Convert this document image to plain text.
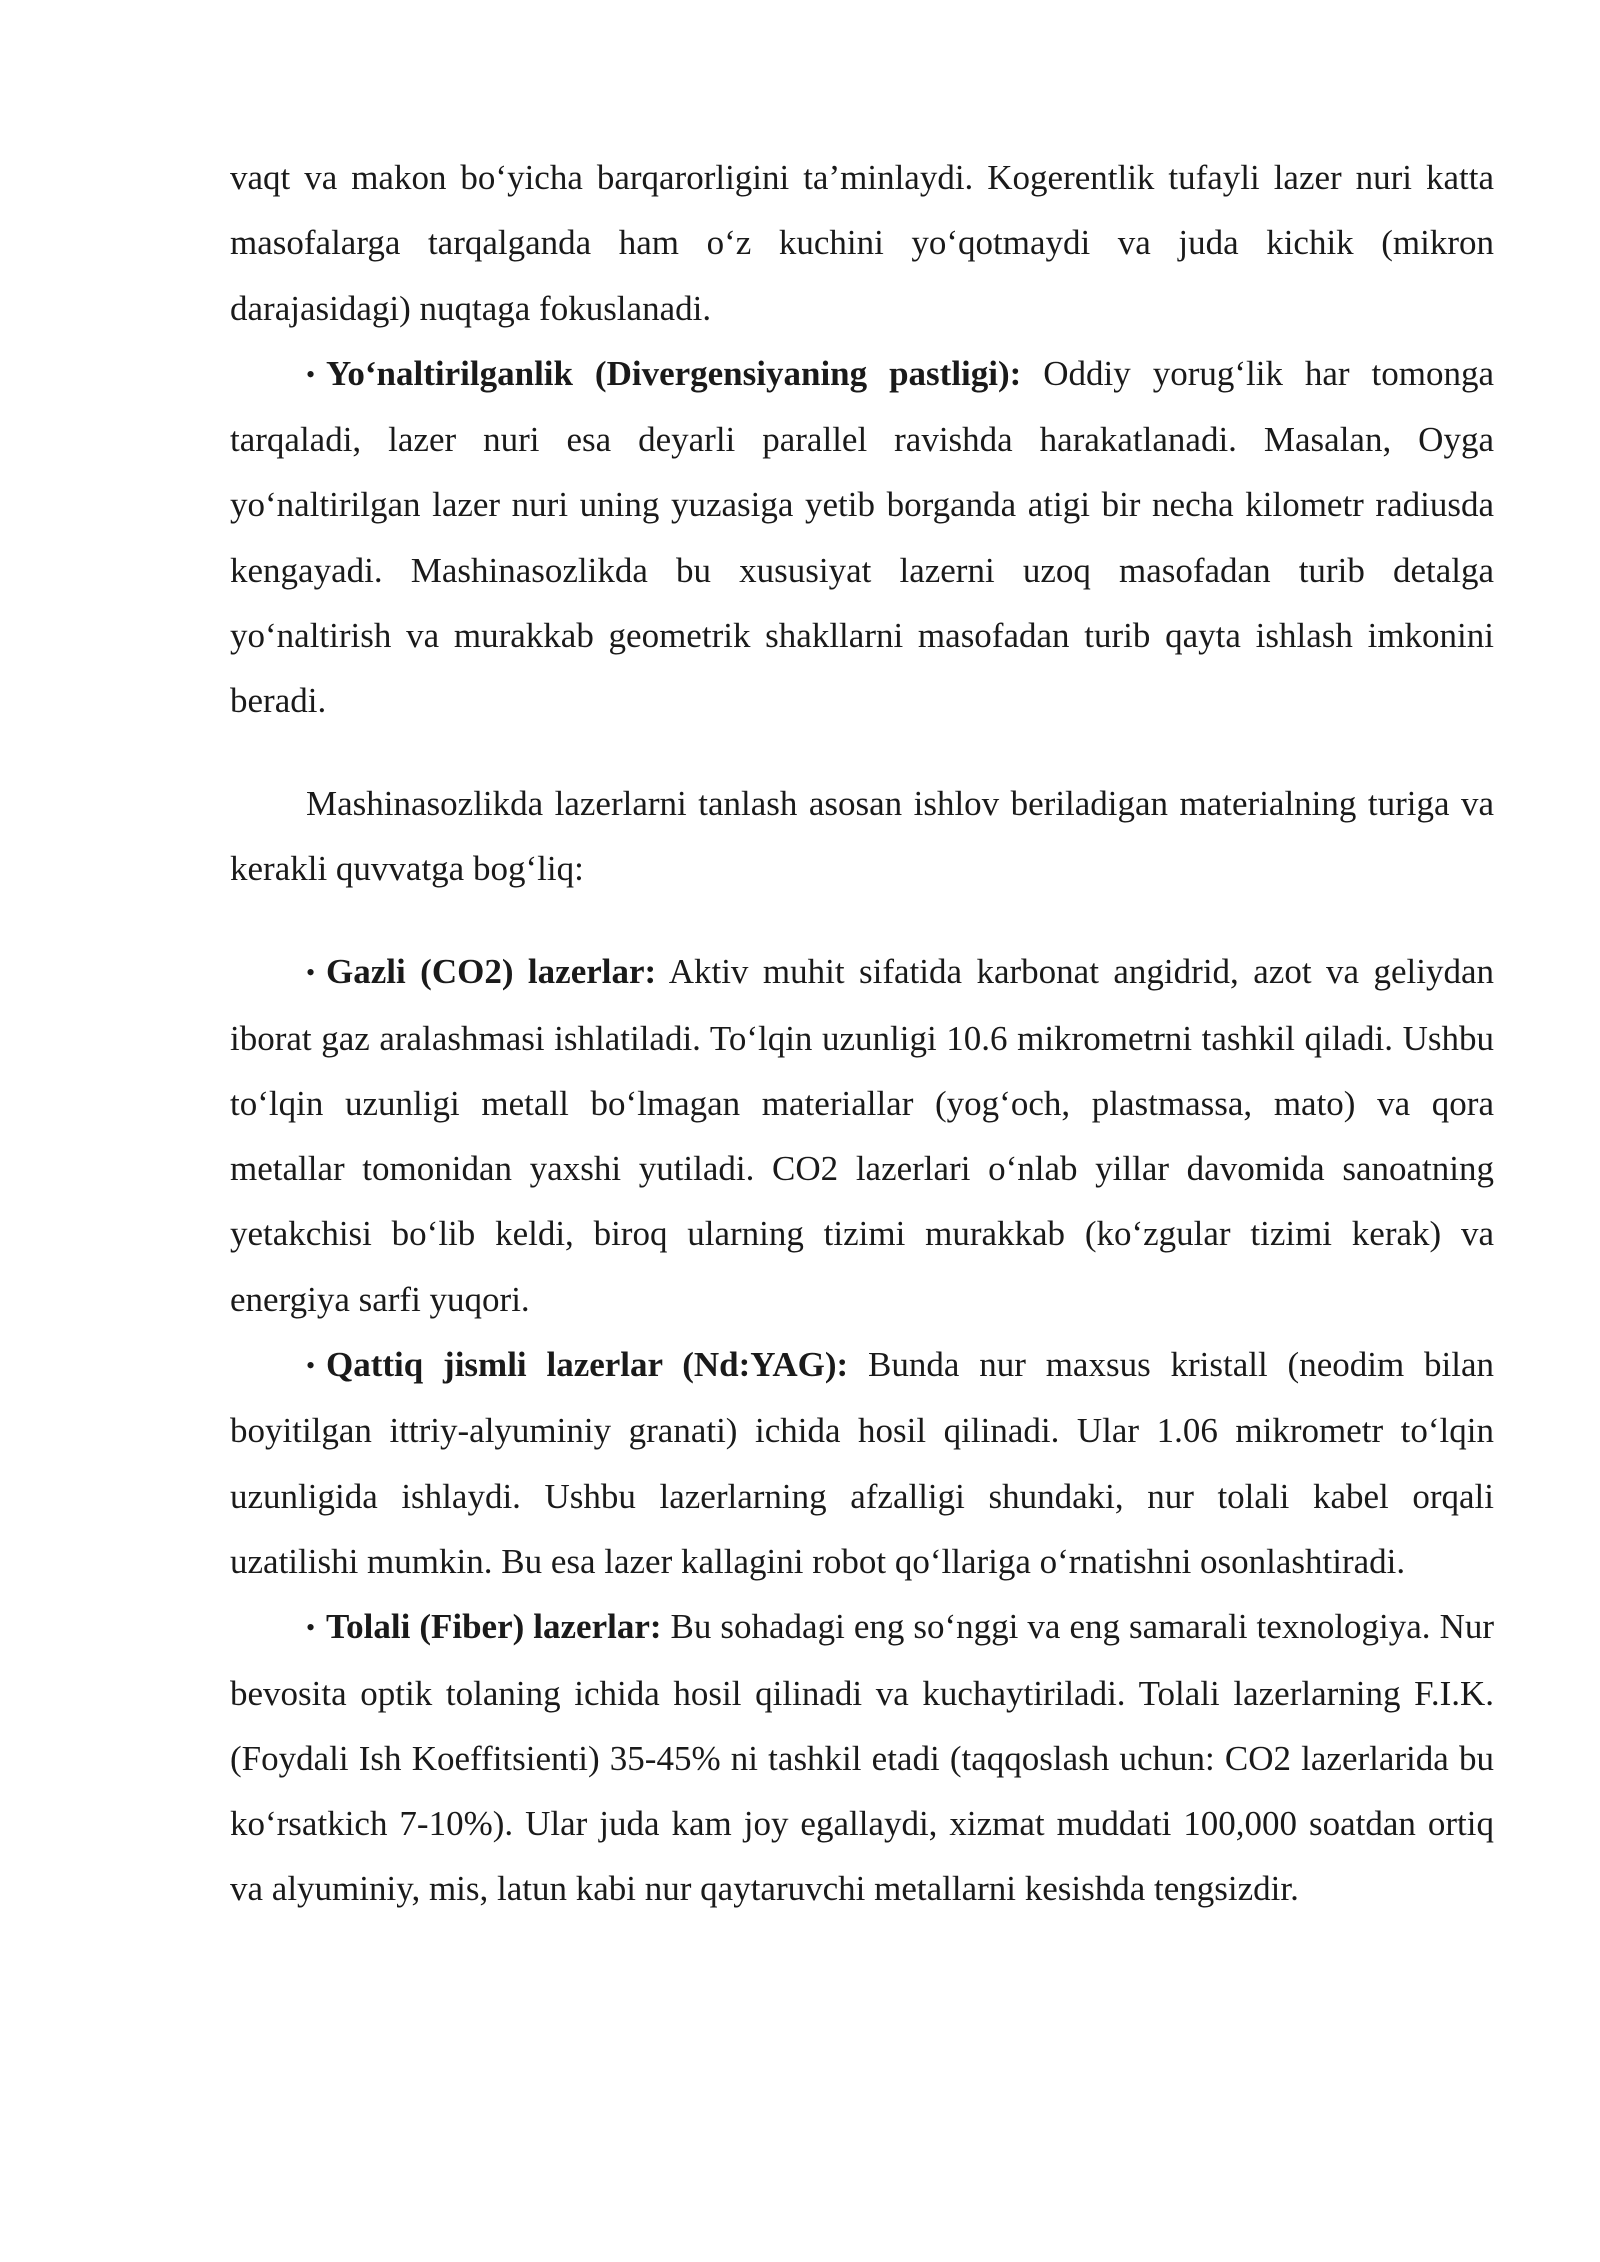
vaqt va makon bo‘yicha barqarorligini ta’minlaydi. Kogerentlik tufayli lazer nuri katta masofalarga tarqalganda ham o‘z kuchini yo‘qotmaydi va juda kichik (mikron darajasidagi) nuqtaga fokuslanadi.

• Yo‘naltirilganlik (Divergensiyaning pastligi): Oddiy yorug‘lik har tomonga tarqaladi, lazer nuri esa deyarli parallel ravishda harakatlanadi. Masalan, Oyga yo‘naltirilgan lazer nuri uning yuzasiga yetib borganda atigi bir necha kilometr radiusda kengayadi. Mashinasozlikda bu xususiyat lazerni uzoq masofadan turib detalga yo‘naltirish va murakkab geometrik shakllarni masofadan turib qayta ishlash imkonini beradi.

Mashinasozlikda lazerlarni tanlash asosan ishlov beriladigan materialning turiga va kerakli quvvatga bog‘liq:

• Gazli (CO2) lazerlar: Aktiv muhit sifatida karbonat angidrid, azot va geliydan iborat gaz aralashmasi ishlatiladi. To‘lqin uzunligi 10.6 mikrometrni tashkil qiladi. Ushbu to‘lqin uzunligi metall bo‘lmagan materiallar (yog‘och, plastmassa, mato) va qora metallar tomonidan yaxshi yutiladi. CO2 lazerlari o‘nlab yillar davomida sanoatning yetakchisi bo‘lib keldi, biroq ularning tizimi murakkab (ko‘zgular tizimi kerak) va energiya sarfi yuqori.

• Qattiq jismli lazerlar (Nd:YAG): Bunda nur maxsus kristall (neodim bilan boyitilgan ittriy-alyuminiy granati) ichida hosil qilinadi. Ular 1.06 mikrometr to‘lqin uzunligida ishlaydi. Ushbu lazerlarning afzalligi shundaki, nur tolali kabel orqali uzatilishi mumkin. Bu esa lazer kallagini robot qo‘llariga o‘rnatishni osonlashtiradi.

• Tolali (Fiber) lazerlar: Bu sohadagi eng so‘nggi va eng samarali texnologiya. Nur bevosita optik tolaning ichida hosil qilinadi va kuchaytiriladi. Tolali lazerlarning F.I.K. (Foydali Ish Koeffitsienti) 35-45% ni tashkil etadi (taqqoslash uchun: CO2 lazerlarida bu ko‘rsatkich 7-10%). Ular juda kam joy egallaydi, xizmat muddati 100,000 soatdan ortiq va alyuminiy, mis, latun kabi nur qaytaruvchi metallarni kesishda tengsizdir.
